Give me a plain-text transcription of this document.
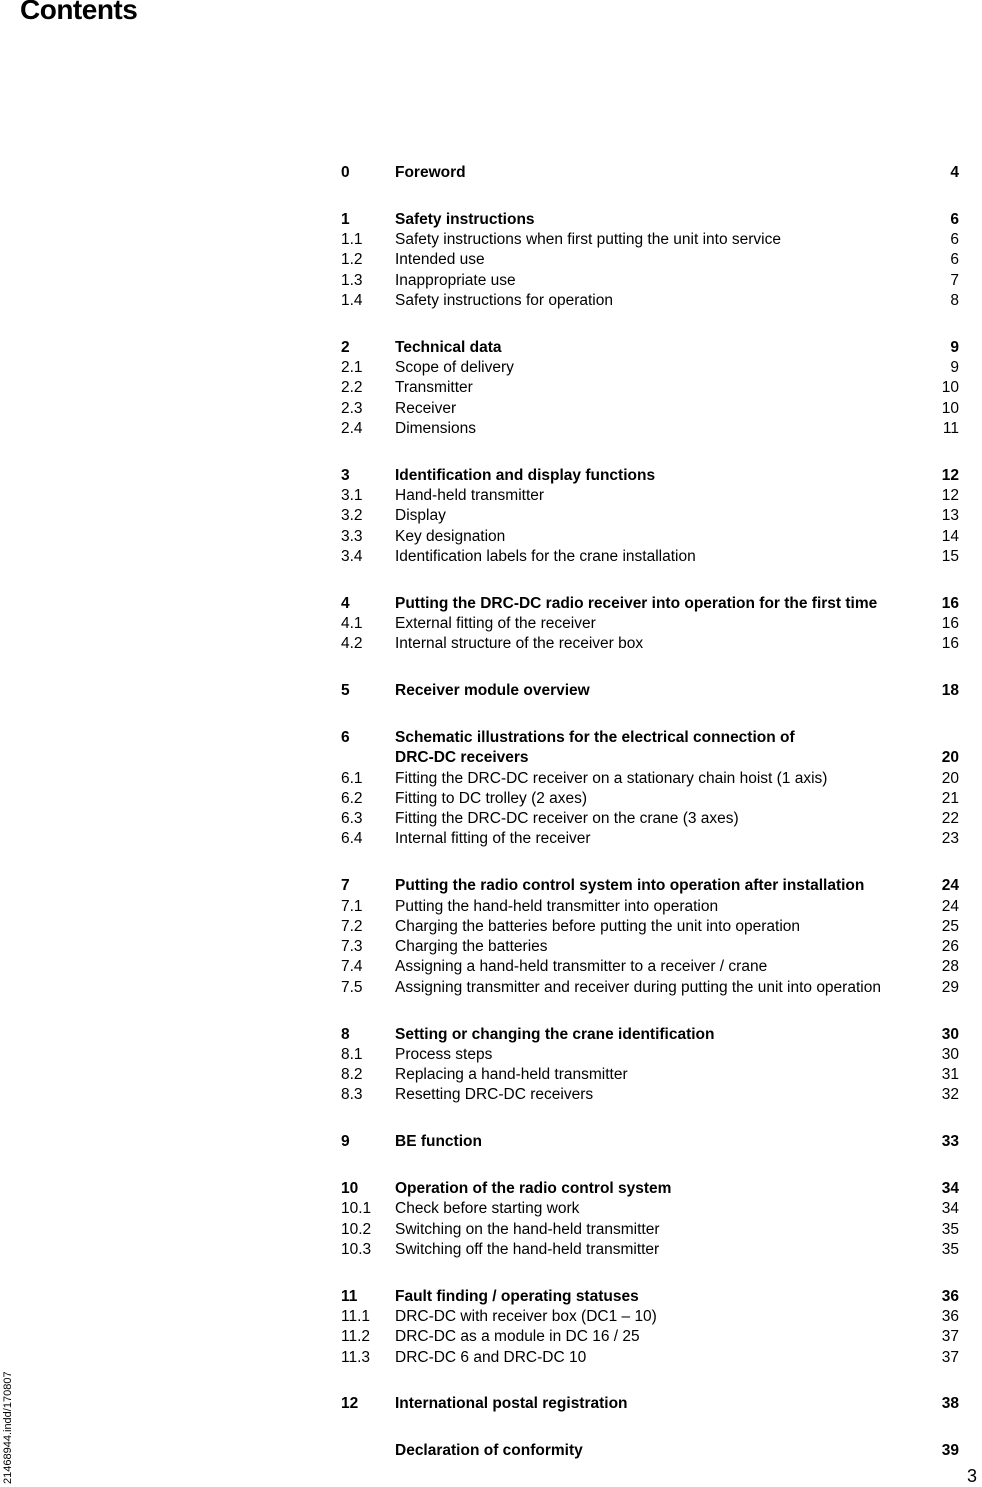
Contents
0	Foreword	4
1	Safety instructions	6
1.1	Safety instructions when first putting the unit into service	6
1.2	Intended use	6
1.3	Inappropriate use	7
1.4	Safety instructions for operation	8
2	Technical data	9
2.1	Scope of delivery	9
2.2	Transmitter	10
2.3	Receiver	10
2.4	Dimensions	11
3	Identification and display functions	12
3.1	Hand-held transmitter	12
3.2	Display	13
3.3	Key designation	14
3.4	Identification labels for the crane installation	15
4	Putting the DRC-DC radio receiver into operation for the first time	16
4.1	External fitting of the receiver	16
4.2	Internal structure of the receiver box	16
5	Receiver module overview	18
6	Schematic illustrations for the electrical connection of
DRC-DC receivers	20
6.1	Fitting the DRC-DC receiver on a stationary chain hoist (1 axis)	20
6.2	Fitting to DC trolley (2 axes)	21
6.3	Fitting the DRC-DC receiver on the crane (3 axes)	22
6.4	Internal fitting of the receiver	23
7	Putting the radio control system into operation after installation	24
7.1	Putting the hand-held transmitter into operation	24
7.2	Charging the batteries before putting the unit into operation	25
7.3	Charging the batteries	26
7.4	Assigning a hand-held transmitter to a receiver / crane	28
7.5	Assigning transmitter and receiver during putting the unit into operation	29
8	Setting or changing the crane identification	30
8.1	Process steps	30
8.2	Replacing a hand-held transmitter	31
8.3	Resetting DRC-DC receivers	32
9	BE function	33
10	Operation of the radio control system	34
10.1	Check before starting work	34
10.2	Switching on the hand-held transmitter	35
10.3	Switching off the hand-held transmitter	35
11	Fault finding / operating statuses	36
11.1	DRC-DC with receiver box (DC1 – 10)	36
11.2	DRC-DC as a module in DC 16 / 25	37
11.3	DRC-DC 6 and DRC-DC 10	37
12	International postal registration	38
Declaration of conformity	39
21468944.indd/170807	3
